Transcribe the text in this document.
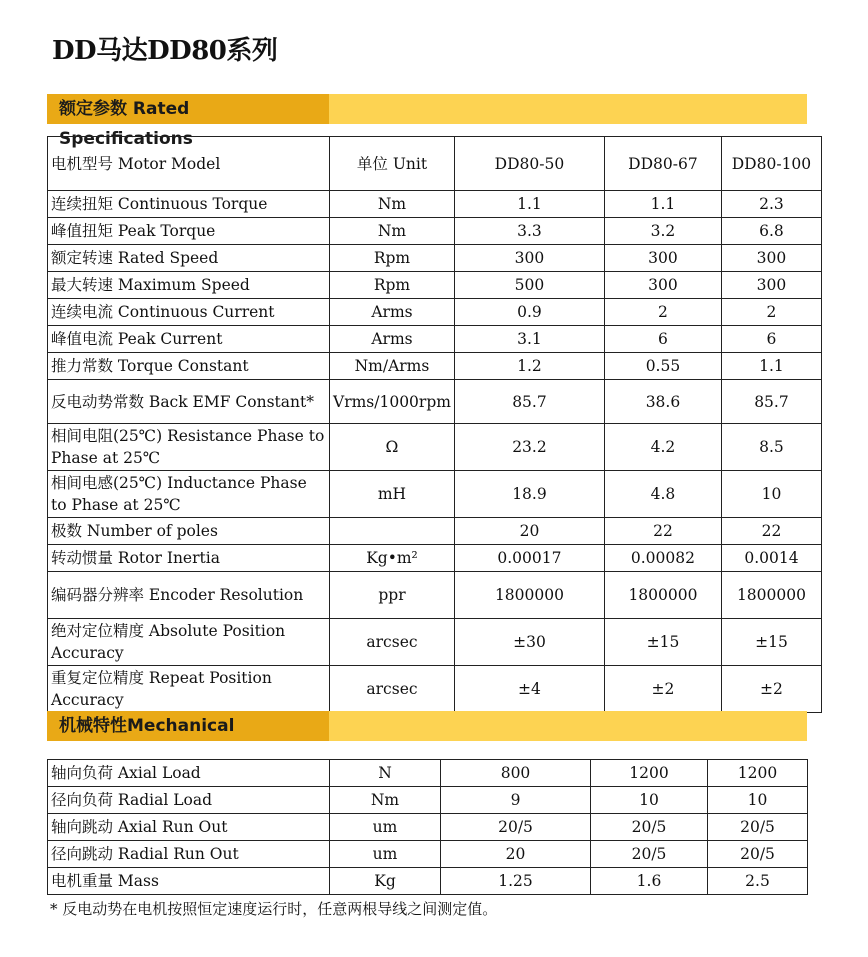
DD马达DD80系列
额定参数 Rated Specifications
电机型号 Motor Model	单位 Unit	DD80-50	DD80-67	DD80-100
连续扭矩 Continuous Torque	Nm	1.1	1.1	2.3
峰值扭矩 Peak Torque	Nm	3.3	3.2	6.8
额定转速 Rated Speed	Rpm	300	300	300
最大转速 Maximum Speed	Rpm	500	300	300
连续电流 Continuous Current	Arms	0.9	2	2
峰值电流 Peak Current	Arms	3.1	6	6
推力常数 Torque Constant	Nm/Arms	1.2	0.55	1.1
反电动势常数 Back EMF Constant*	Vrms/1000rpm	85.7	38.6	85.7
相间电阻(25℃) Resistance Phase to Phase at 25℃	Ω	23.2	4.2	8.5
相间电感(25℃) Inductance Phase to Phase at 25℃	mH	18.9	4.8	10
极数 Number of poles		20	22	22
转动惯量 Rotor Inertia	Kg•m²	0.00017	0.00082	0.0014
编码器分辨率 Encoder Resolution	ppr	1800000	1800000	1800000
绝对定位精度 Absolute Position Accuracy	arcsec	±30	±15	±15
重复定位精度 Repeat Position Accuracy	arcsec	±4	±2	±2
机械特性Mechanical
轴向负荷 Axial Load	N	800	1200	1200
径向负荷 Radial Load	Nm	9	10	10
轴向跳动 Axial Run Out	um	20/5	20/5	20/5
径向跳动 Radial Run Out	um	20	20/5	20/5
电机重量 Mass	Kg	1.25	1.6	2.5
* 反电动势在电机按照恒定速度运行时，任意两根导线之间测定值。
